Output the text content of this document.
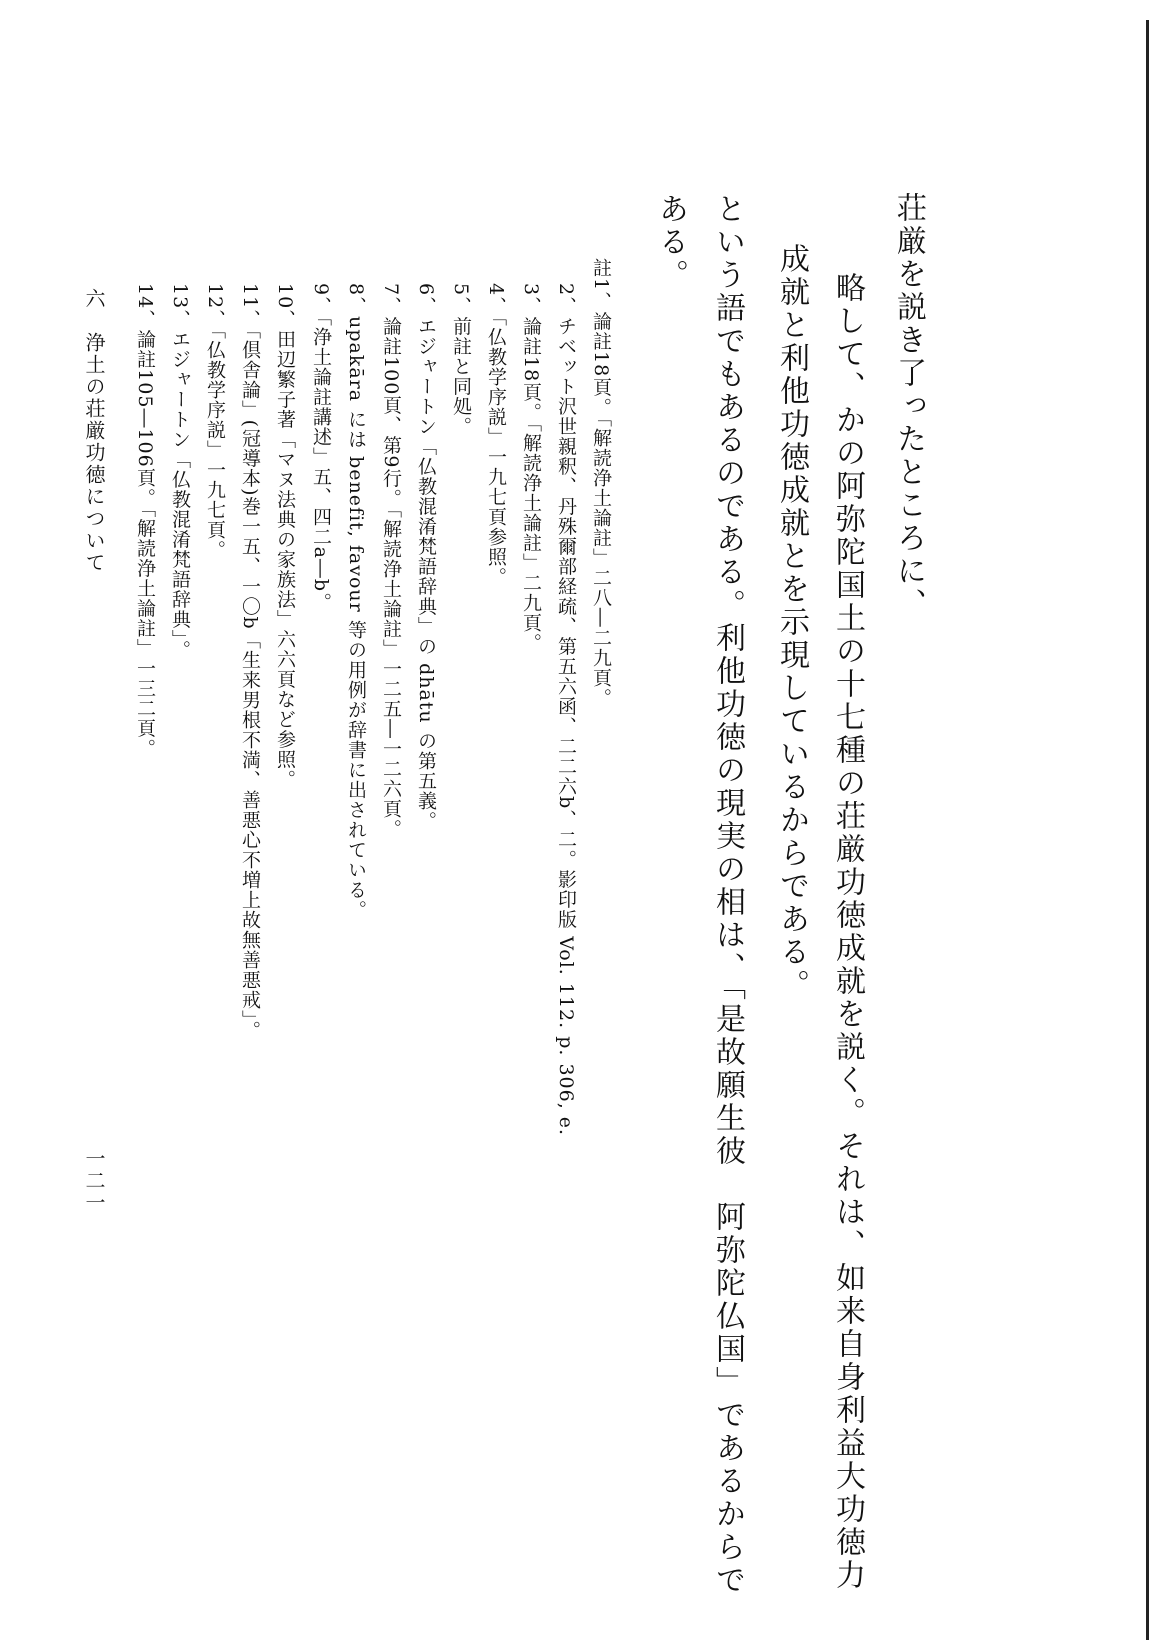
荘厳を説き了ったところに、
略して、かの阿弥陀国土の十七種の荘厳功徳成就を説く。それは、如来自身利益大功徳力
成就と利他功徳成就とを示現しているからである。
という語でもあるのである。利他功徳の現実の相は、「是故願生彼　阿弥陀仏国」であるからで
ある。
註1、論註18頁。「解読浄土論註」二八―二九頁。
2、チベット沢世親釈、丹殊爾部経疏、第五六函、二二六b、二。影印版 Vol. 112. p. 306, e.
3、論註18頁。「解読浄土論註」二九頁。
4、「仏教学序説」一九七頁参照。
5、前註と同処。
6、エジャートン「仏教混淆梵語辞典」の dhātu の第五義。
7、論註100頁、第9行。「解読浄土論註」一二五―一二六頁。
8、upakāra には benefit, favour 等の用例が辞書に出されている。
9、「浄土論註講述」五、四二a―b。
10、田辺繁子著「マヌ法典の家族法」六六頁など参照。
11、「倶舎論」(冠導本)巻一五、一〇b「生来男根不満、善悪心不増上故無善悪戒」。
12、「仏教学序説」一九七頁。
13、エジャートン「仏教混淆梵語辞典」。
14、論註105―106頁。「解読浄土論註」一三二頁。
六　浄土の荘厳功徳について
一二一
